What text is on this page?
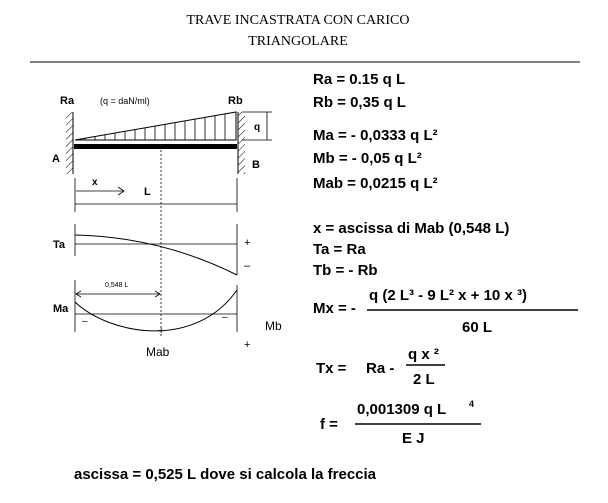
TRAVE INCASTRATA CON CARICO
TRIANGOLARE
Ra	Rb
(q = daN/ml)
q
A	B
x
L
Ta	+
–
Ma
–	–
+
+
Mb
Mab
0,548 L
Ra = 0.15 q L
Rb = 0,35 q L
Ma = - 0,0333 q L²
Mb = - 0,05 q L²
Mab = 0,0215 q L²
x = ascissa di Mab (0,548 L)
Ta = Ra
Tb = - Rb
Mx = -
q (2 L³ - 9 L² x + 10 x ³)
60 L
Tx = Ra -
q x ²
2 L
f =
0,001309 q L	4
E J
ascissa = 0,525 L dove si calcola la freccia
